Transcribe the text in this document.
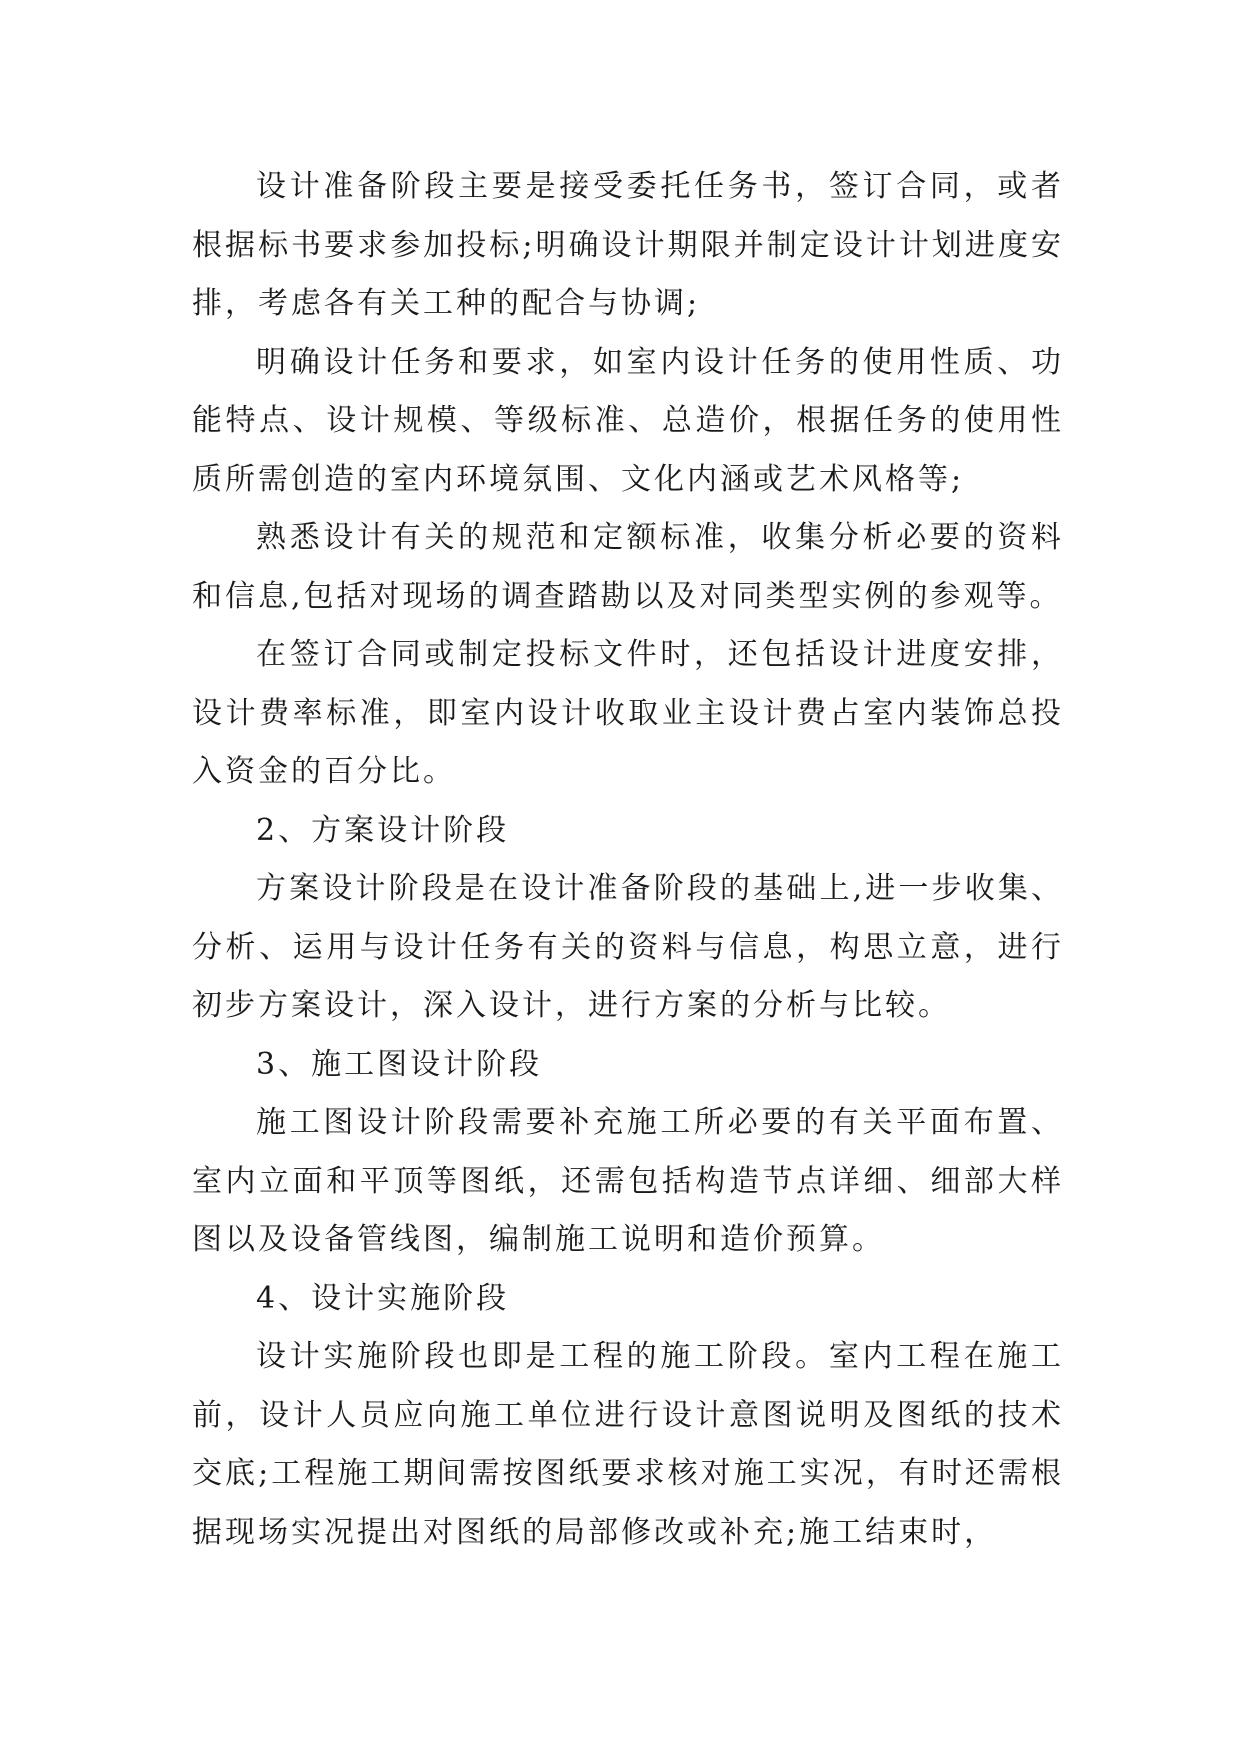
设计准备阶段主要是接受委托任务书，签订合同，或者根据标书要求参加投标;明确设计期限并制定设计计划进度安排，考虑各有关工种的配合与协调;

明确设计任务和要求，如室内设计任务的使用性质、功能特点、设计规模、等级标准、总造价，根据任务的使用性质所需创造的室内环境氛围、文化内涵或艺术风格等;

熟悉设计有关的规范和定额标准，收集分析必要的资料和信息,包括对现场的调查踏勘以及对同类型实例的参观等。

在签订合同或制定投标文件时，还包括设计进度安排，设计费率标准，即室内设计收取业主设计费占室内装饰总投入资金的百分比。

2、方案设计阶段

方案设计阶段是在设计准备阶段的基础上,进一步收集、分析、运用与设计任务有关的资料与信息，构思立意，进行初步方案设计，深入设计，进行方案的分析与比较。

3、施工图设计阶段

施工图设计阶段需要补充施工所必要的有关平面布置、室内立面和平顶等图纸，还需包括构造节点详细、细部大样图以及设备管线图，编制施工说明和造价预算。

4、设计实施阶段

设计实施阶段也即是工程的施工阶段。室内工程在施工前，设计人员应向施工单位进行设计意图说明及图纸的技术交底;工程施工期间需按图纸要求核对施工实况，有时还需根据现场实况提出对图纸的局部修改或补充;施工结束时，
